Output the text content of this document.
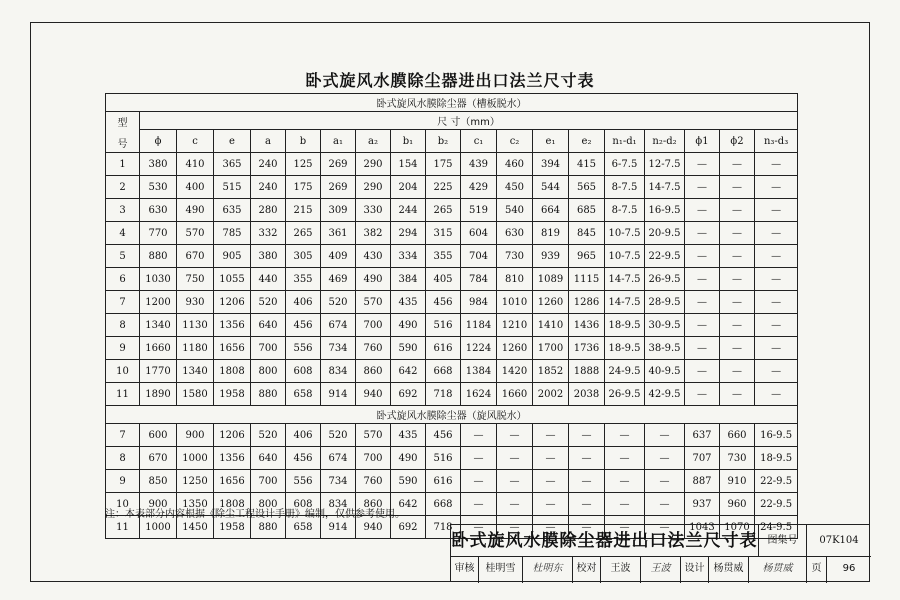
卧式旋风水膜除尘器进出口法兰尺寸表
卧式旋风水膜除尘器（槽板脱水）																		

型
号	尺 寸（mm）																	
	ϕ	c	e	a	b	a₁	a₂	b₁	b₂	c₁	c₂	e₁	e₂	n₁-d₁	n₂-d₂	ϕ1	ϕ2	n₃-d₃
1	380	410	365	240	125	269	290	154	175	439	460	394	415	6-7.5	12-7.5	—	—	—
2	530	400	515	240	175	269	290	204	225	429	450	544	565	8-7.5	14-7.5	—	—	—
3	630	490	635	280	215	309	330	244	265	519	540	664	685	8-7.5	16-9.5	—	—	—
4	770	570	785	332	265	361	382	294	315	604	630	819	845	10-7.5	20-9.5	—	—	—
5	880	670	905	380	305	409	430	334	355	704	730	939	965	10-7.5	22-9.5	—	—	—
6	1030	750	1055	440	355	469	490	384	405	784	810	1089	1115	14-7.5	26-9.5	—	—	—
7	1200	930	1206	520	406	520	570	435	456	984	1010	1260	1286	14-7.5	28-9.5	—	—	—
8	1340	1130	1356	640	456	674	700	490	516	1184	1210	1410	1436	18-9.5	30-9.5	—	—	—
9	1660	1180	1656	700	556	734	760	590	616	1224	1260	1700	1736	18-9.5	38-9.5	—	—	—
10	1770	1340	1808	800	608	834	860	642	668	1384	1420	1852	1888	24-9.5	40-9.5	—	—	—
11	1890	1580	1958	880	658	914	940	692	718	1624	1660	2002	2038	26-9.5	42-9.5	—	—	—
卧式旋风水膜除尘器（旋风脱水）																		
7	600	900	1206	520	406	520	570	435	456	—	—	—	—	—	—	637	660	16-9.5
8	670	1000	1356	640	456	674	700	490	516	—	—	—	—	—	—	707	730	18-9.5
9	850	1250	1656	700	556	734	760	590	616	—	—	—	—	—	—	887	910	22-9.5
10	900	1350	1808	800	608	834	860	642	668	—	—	—	—	—	—	937	960	22-9.5
11	1000	1450	1958	880	658	914	940	692	718	—	—	—	—	—	—	1043	1070	24-9.5
注：本表部分内容根据《除尘工程设计手册》编制，仅供参考使用。
卧式旋风水膜除尘器进出口法兰尺寸表	图集号	07K104
审核	桂明雪	杜明东	校对	王波	王波	设计 杨贯威	杨贯威	页	96
